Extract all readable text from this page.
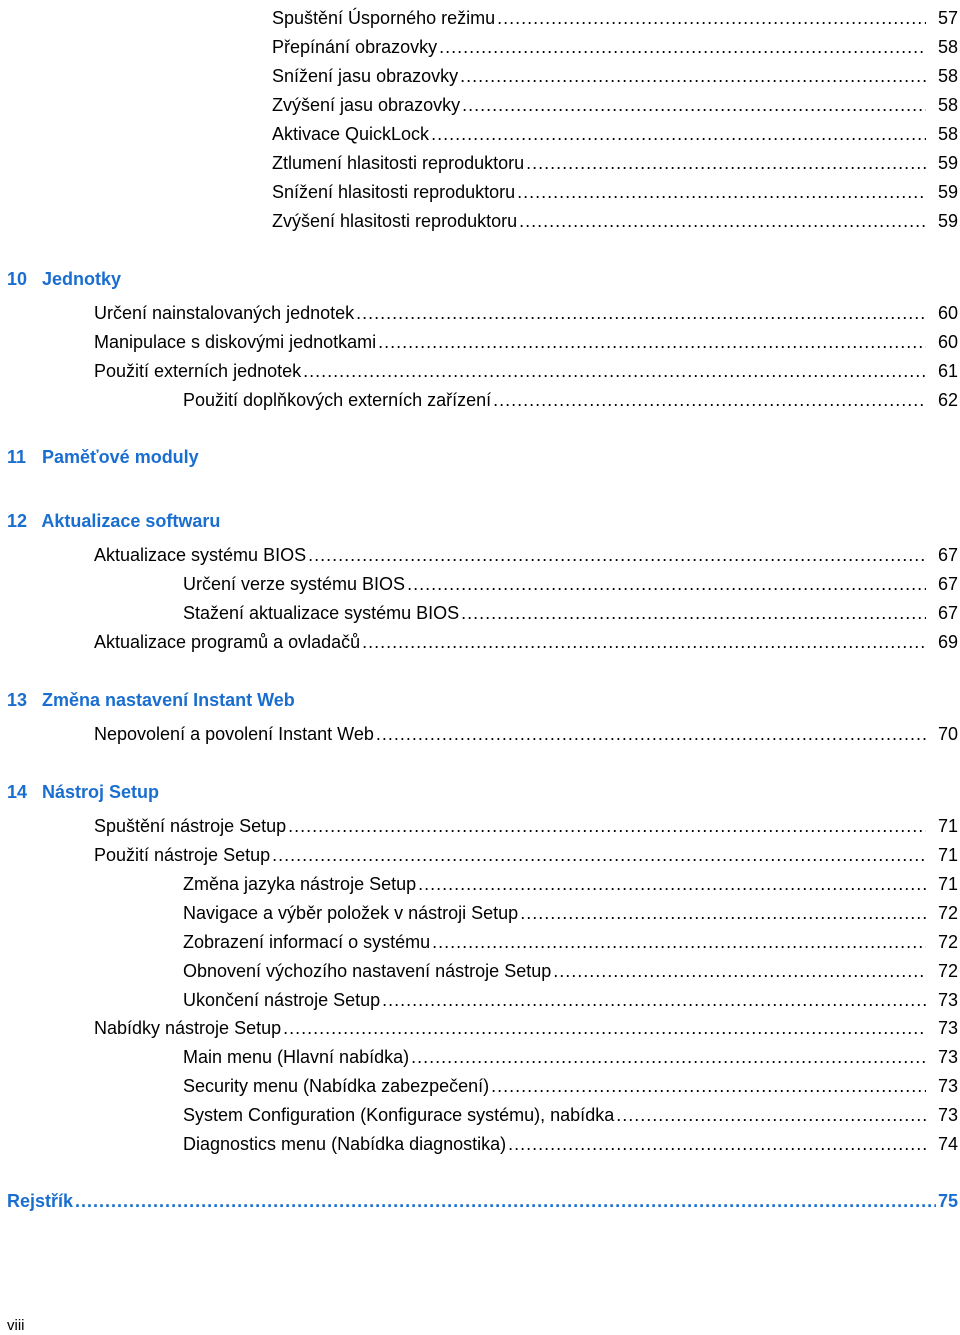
Spuštění Úsporného režimu .....	57
Přepínání obrazovky .....	58
Snížení jasu obrazovky .....	58
Zvýšení jasu obrazovky .....	58
Aktivace QuickLock .....	58
Ztlumení hlasitosti reproduktoru .....	59
Snížení hlasitosti reproduktoru .....	59
Zvýšení hlasitosti reproduktoru .....	59
10 Jednotky
Určení nainstalovaných jednotek .....	60
Manipulace s diskovými jednotkami .....	60
Použití externích jednotek .....	61
Použití doplňkových externích zařízení .....	62
11 Paměťové moduly
12 Aktualizace softwaru
Aktualizace systému BIOS .....	67
Určení verze systému BIOS .....	67
Stažení aktualizace systému BIOS .....	67
Aktualizace programů a ovladačů .....	69
13 Změna nastavení Instant Web
Nepovolení a povolení Instant Web .....	70
14 Nástroj Setup
Spuštění nástroje Setup .....	71
Použití nástroje Setup .....	71
Změna jazyka nástroje Setup .....	71
Navigace a výběr položek v nástroji Setup .....	72
Zobrazení informací o systému .....	72
Obnovení výchozího nastavení nástroje Setup .....	72
Ukončení nástroje Setup .....	73
Nabídky nástroje Setup .....	73
Main menu (Hlavní nabídka) .....	73
Security menu (Nabídka zabezpečení) .....	73
System Configuration (Konfigurace systému), nabídka .....	73
Diagnostics menu (Nabídka diagnostika) .....	74
Rejstřík .....	75
viii
